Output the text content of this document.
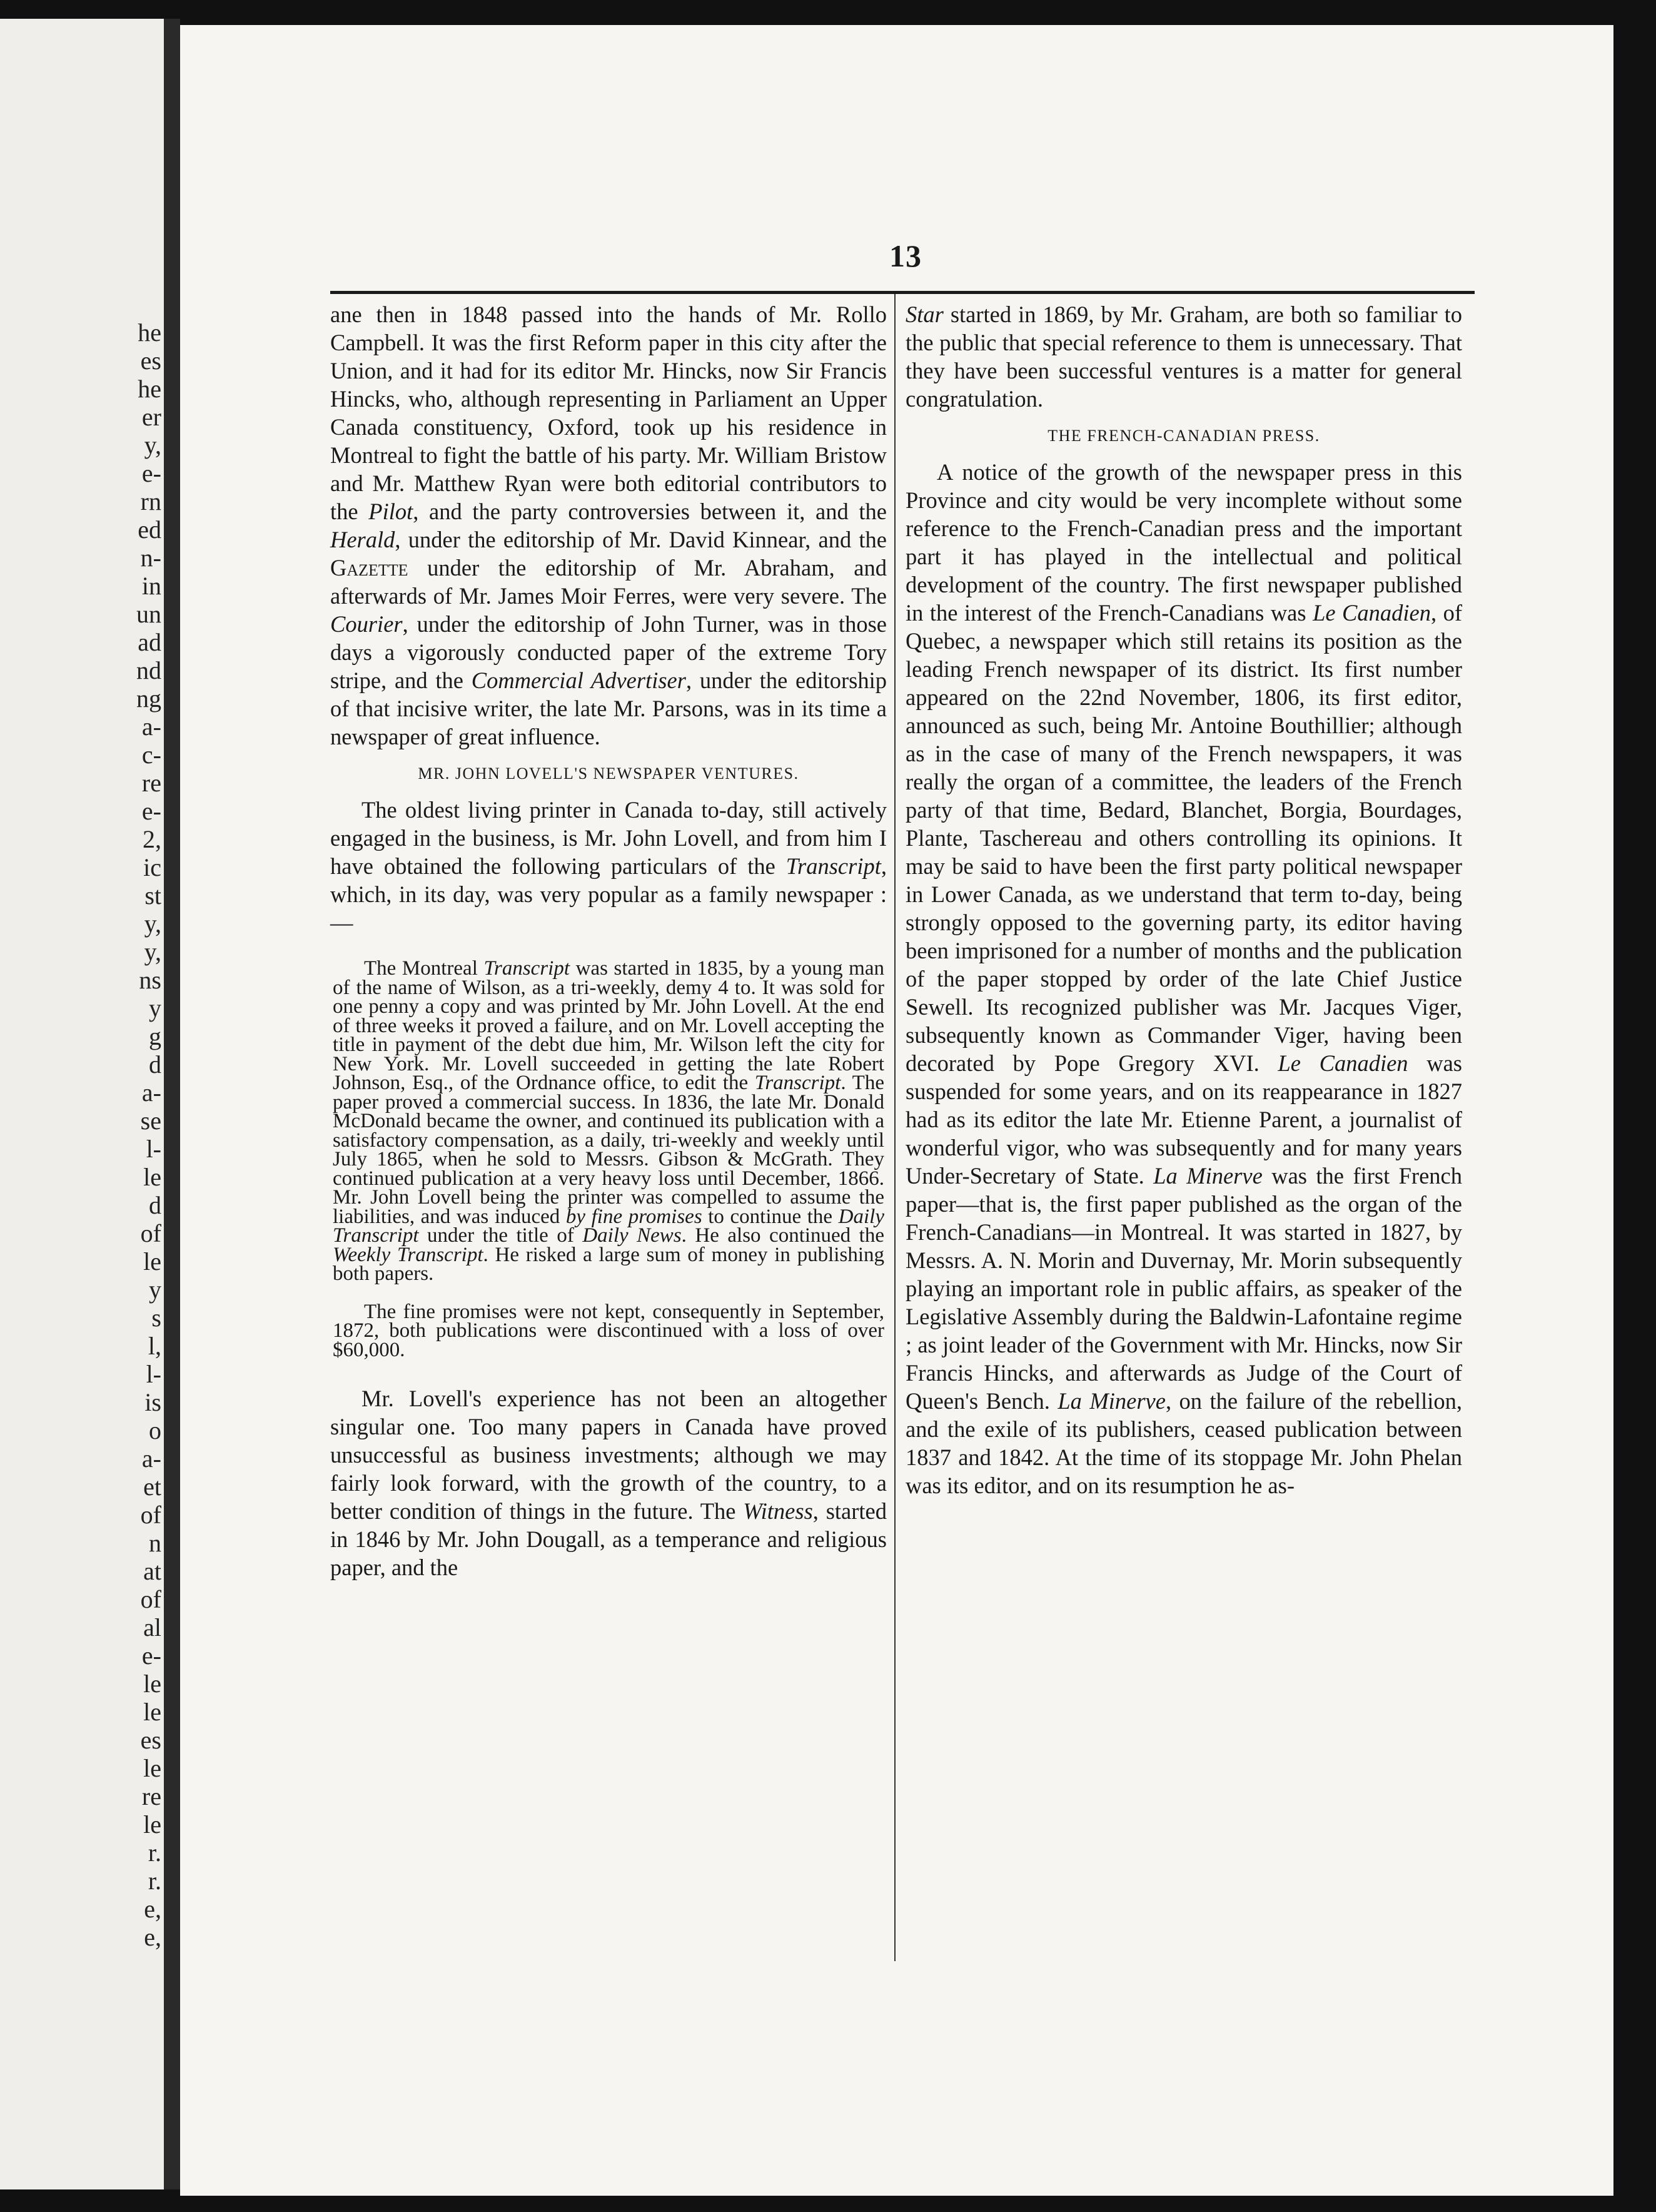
he
es
he
er
y,
e-
rn
ed
n-
in
un
ad
nd
ng
a-
c-
re
e-
2,
ic
st
y,
y,
ns
y
g
d
a-
se
l-
le
d
of
le
y
s
l,
l-
is
o
a-
et
of
n
at
of
al
e-
le
le
es
le
re
le
r.
r.
e,
e,
13

ane then in 1848 passed into the hands of Mr. Rollo Campbell. It was the first Reform paper in this city after the Union, and it had for its editor Mr. Hincks, now Sir Francis Hincks, who, although representing in Parliament an Upper Canada constituency, Oxford, took up his residence in Montreal to fight the battle of his party. Mr. William Bristow and Mr. Matthew Ryan were both editorial contributors to the Pilot, and the party controversies between it, and the Herald, under the editorship of Mr. David Kinnear, and the Gazette under the editorship of Mr. Abraham, and afterwards of Mr. James Moir Ferres, were very severe. The Courier, under the editorship of John Turner, was in those days a vigorously conducted paper of the extreme Tory stripe, and the Commercial Advertiser, under the editorship of that incisive writer, the late Mr. Parsons, was in its time a newspaper of great influence.

MR. JOHN LOVELL'S NEWSPAPER VENTURES.

The oldest living printer in Canada to-day, still actively engaged in the business, is Mr. John Lovell, and from him I have obtained the following particulars of the Transcript, which, in its day, was very popular as a family newspaper :—

The Montreal Transcript was started in 1835, by a young man of the name of Wilson, as a tri-weekly, demy 4 to. It was sold for one penny a copy and was printed by Mr. John Lovell. At the end of three weeks it proved a failure, and on Mr. Lovell accepting the title in payment of the debt due him, Mr. Wilson left the city for New York. Mr. Lovell succeeded in getting the late Robert Johnson, Esq., of the Ordnance office, to edit the Transcript. The paper proved a commercial success. In 1836, the late Mr. Donald McDonald became the owner, and continued its publication with a satisfactory compensation, as a daily, tri-weekly and weekly until July 1865, when he sold to Messrs. Gibson & McGrath. They continued publication at a very heavy loss until December, 1866. Mr. John Lovell being the printer was compelled to assume the liabilities, and was induced by fine promises to continue the Daily Transcript under the title of Daily News. He also continued the Weekly Transcript. He risked a large sum of money in publishing both papers.

The fine promises were not kept, consequently in September, 1872, both publications were discontinued with a loss of over $60,000.

Mr. Lovell's experience has not been an altogether singular one. Too many papers in Canada have proved unsuccessful as business investments; although we may fairly look forward, with the growth of the country, to a better condition of things in the future. The Witness, started in 1846 by Mr. John Dougall, as a temperance and religious paper, and the

Star started in 1869, by Mr. Graham, are both so familiar to the public that special reference to them is unnecessary. That they have been successful ventures is a matter for general congratulation.

THE FRENCH-CANADIAN PRESS.

A notice of the growth of the newspaper press in this Province and city would be very incomplete without some reference to the French-Canadian press and the important part it has played in the intellectual and political development of the country. The first newspaper published in the interest of the French-Canadians was Le Canadien, of Quebec, a newspaper which still retains its position as the leading French newspaper of its district. Its first number appeared on the 22nd November, 1806, its first editor, announced as such, being Mr. Antoine Bouthillier; although as in the case of many of the French newspapers, it was really the organ of a committee, the leaders of the French party of that time, Bedard, Blanchet, Borgia, Bourdages, Plante, Taschereau and others controlling its opinions. It may be said to have been the first party political newspaper in Lower Canada, as we understand that term to-day, being strongly opposed to the governing party, its editor having been imprisoned for a number of months and the publication of the paper stopped by order of the late Chief Justice Sewell. Its recognized publisher was Mr. Jacques Viger, subsequently known as Commander Viger, having been decorated by Pope Gregory XVI. Le Canadien was suspended for some years, and on its reappearance in 1827 had as its editor the late Mr. Etienne Parent, a journalist of wonderful vigor, who was subsequently and for many years Under-Secretary of State. La Minerve was the first French paper—that is, the first paper published as the organ of the French-Canadians—in Montreal. It was started in 1827, by Messrs. A. N. Morin and Duvernay, Mr. Morin subsequently playing an important role in public affairs, as speaker of the Legislative Assembly during the Baldwin-Lafontaine regime ; as joint leader of the Government with Mr. Hincks, now Sir Francis Hincks, and afterwards as Judge of the Court of Queen's Bench. La Minerve, on the failure of the rebellion, and the exile of its publishers, ceased publication between 1837 and 1842. At the time of its stoppage Mr. John Phelan was its editor, and on its resumption he as-
